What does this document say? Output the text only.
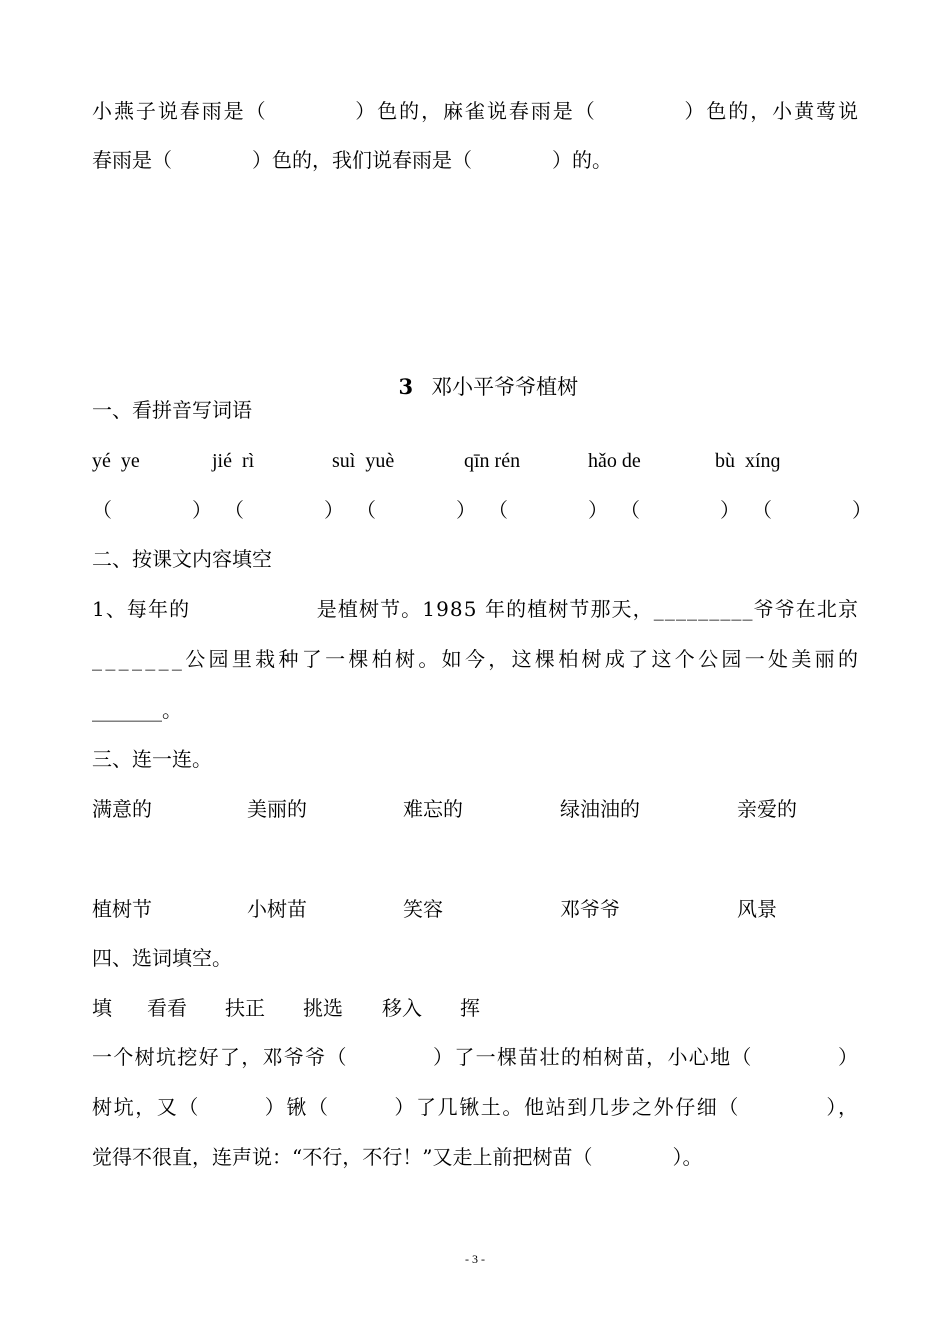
小燕子说春雨是（　　　　）色的，麻雀说春雨是（　　　　）色的，小黄莺说
春雨是（　　　　）色的，我们说春雨是（　　　　）的。

3 邓小平爷爷植树

一、看拼音写词语
yé  ye	jié  rì	suì  yuè	qīn rén	hǎo de	bù  xínɡ
（　　　　） （　　　　） （　　　　） （　　　　） （　　　　） （　　　　）
二、按课文内容填空
1、每年的　　　　　　是植树节。1985 年的植树节那天，_________爷爷在北京
_______公园里栽种了一棵柏树。如今，这棵柏树成了这个公园一处美丽的
_______。
三、连一连。
满意的	美丽的	难忘的	绿油油的	亲爱的
植树节	小树苗	笑容	邓爷爷	风景
四、选词填空。
填 看看 扶正 挑选 移入 挥
一个树坑挖好了，邓爷爷（　　　　）了一棵苗壮的柏树苗，小心地（　　　　）
树坑，又（　　　）锹（　　　）了几锹土。他站到几步之外仔细（　　　　），
觉得不很直，连声说：“不行，不行！”又走上前把树苗（　　　　）。
- 3 -
